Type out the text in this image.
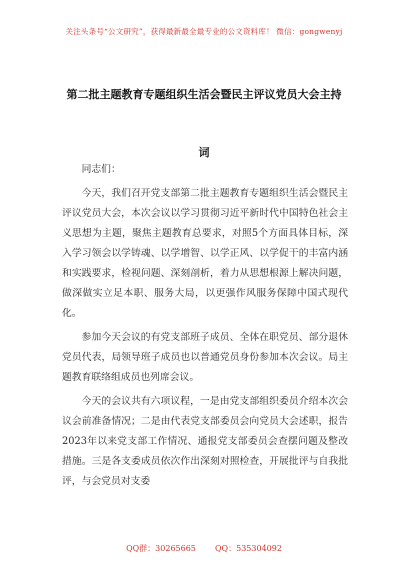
关注头条号“公文研究”，获得最新最全最专业的公文资料库！ 微信：gongwenyj
第二批主题教育专题组织生活会暨民主评议党员大会主持
词

同志们：

今天，我们召开党支部第二批主题教育专题组织生活会暨民主评议党员大会，本次会议以学习贯彻习近平新时代中国特色社会主义思想为主题，聚焦主题教育总要求，对照5个方面具体目标，深入学习领会以学铸魂、以学增智、以学正风、以学促干的丰富内涵和实践要求，检视问题、深刻剖析，着力从思想根源上解决问题，做深做实立足本职、服务大局，以更强作风服务保障中国式现代化。

参加今天会议的有党支部班子成员、全体在职党员、部分退休党员代表，局领导班子成员也以普通党员身份参加本次会议。局主题教育联络组成员也列席会议。

今天的会议共有六项议程，一是由党支部组织委员介绍本次会议会前准备情况；二是由代表党支部委员会向党员大会述职，报告2023年以来党支部工作情况、通报党支部委员会查摆问题及整改措施。三是各支委成员依次作出深刻对照检查，开展批评与自我批评，与会党员对支委

QQ群：30265665 QQ：535304092
